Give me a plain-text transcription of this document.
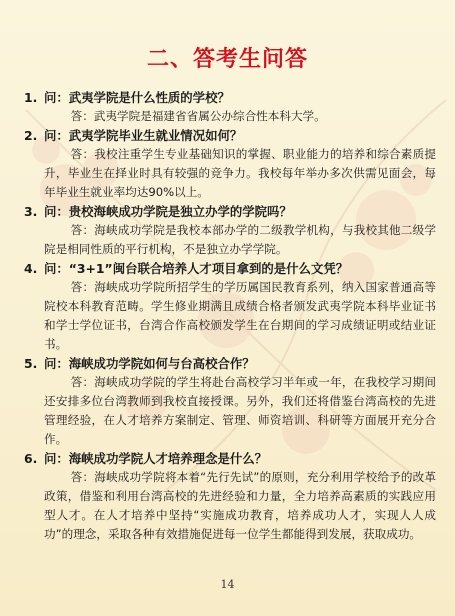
二、答考生问答
1. 问：武夷学院是什么性质的学校？
答：武夷学院是福建省省属公办综合性本科大学。
2. 问：武夷学院毕业生就业情况如何？
答：我校注重学生专业基础知识的掌握、职业能力的培养和综合素质提升，毕业生在择业时具有较强的竞争力。我校每年举办多次供需见面会，每年毕业生就业率均达90%以上。
3. 问：贵校海峡成功学院是独立办学的学院吗？
答：海峡成功学院是我校本部办学的二级教学机构，与我校其他二级学院是相同性质的平行机构，不是独立办学学院。
4. 问：“3+1”闽台联合培养人才项目拿到的是什么文凭？
答：海峡成功学院所招学生的学历属国民教育系列，纳入国家普通高等院校本科教育范畴。学生修业期满且成绩合格者颁发武夷学院本科毕业证书和学士学位证书，台湾合作高校颁发学生在台期间的学习成绩证明或结业证书。
5. 问：海峡成功学院如何与台高校合作？
答：海峡成功学院的学生将赴台高校学习半年或一年，在我校学习期间还安排多位台湾教师到我校直接授课。另外，我们还将借鉴台湾高校的先进管理经验，在人才培养方案制定、管理、师资培训、科研等方面展开充分合作。
6. 问：海峡成功学院人才培养理念是什么？
答：海峡成功学院将本着“先行先试”的原则，充分利用学校给予的改革政策，借鉴和利用台湾高校的先进经验和力量，全力培养高素质的实践应用型人才。在人才培养中坚持“实施成功教育，培养成功人才，实现人人成功”的理念，采取各种有效措施促进每一位学生都能得到发展，获取成功。
14
